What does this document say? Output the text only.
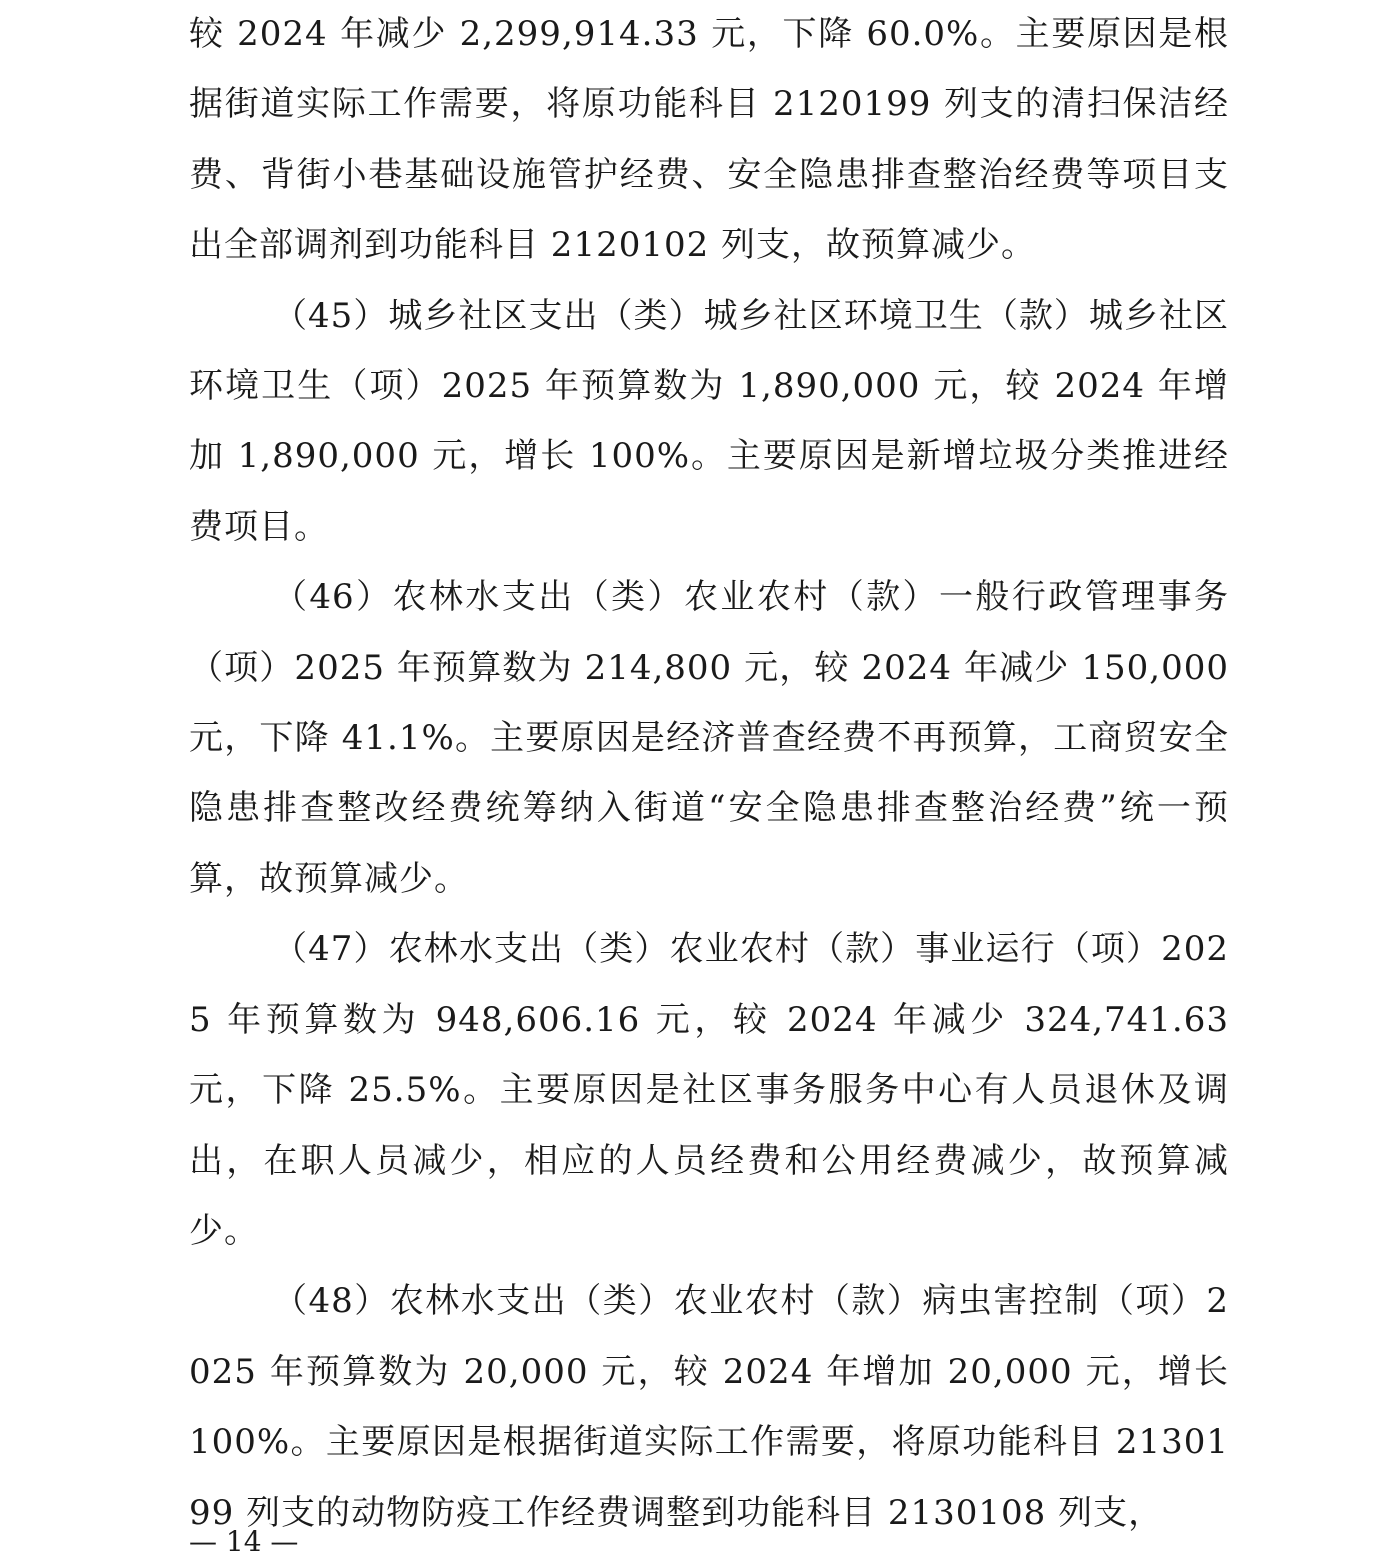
较 2024 年减少 2,299,914.33 元，下降 60.0%。主要原因是根据街道实际工作需要，将原功能科目 2120199 列支的清扫保洁经费、背街小巷基础设施管护经费、安全隐患排查整治经费等项目支出全部调剂到功能科目 2120102 列支，故预算减少。

（45）城乡社区支出（类）城乡社区环境卫生（款）城乡社区环境卫生（项）2025 年预算数为 1,890,000 元，较 2024 年增加 1,890,000 元，增长 100%。主要原因是新增垃圾分类推进经费项目。

（46）农林水支出（类）农业农村（款）一般行政管理事务（项）2025 年预算数为 214,800 元，较 2024 年减少 150,000 元，下降 41.1%。主要原因是经济普查经费不再预算，工商贸安全隐患排查整改经费统筹纳入街道“安全隐患排查整治经费”统一预算，故预算减少。

（47）农林水支出（类）农业农村（款）事业运行（项）2025 年预算数为 948,606.16 元，较 2024 年减少 324,741.63 元，下降 25.5%。主要原因是社区事务服务中心有人员退休及调出，在职人员减少，相应的人员经费和公用经费减少，故预算减少。

（48）农林水支出（类）农业农村（款）病虫害控制（项）2025 年预算数为 20,000 元，较 2024 年增加 20,000 元，增长 100%。主要原因是根据街道实际工作需要，将原功能科目 2130199 列支的动物防疫工作经费调整到功能科目 2130108 列支，

— 14 —
